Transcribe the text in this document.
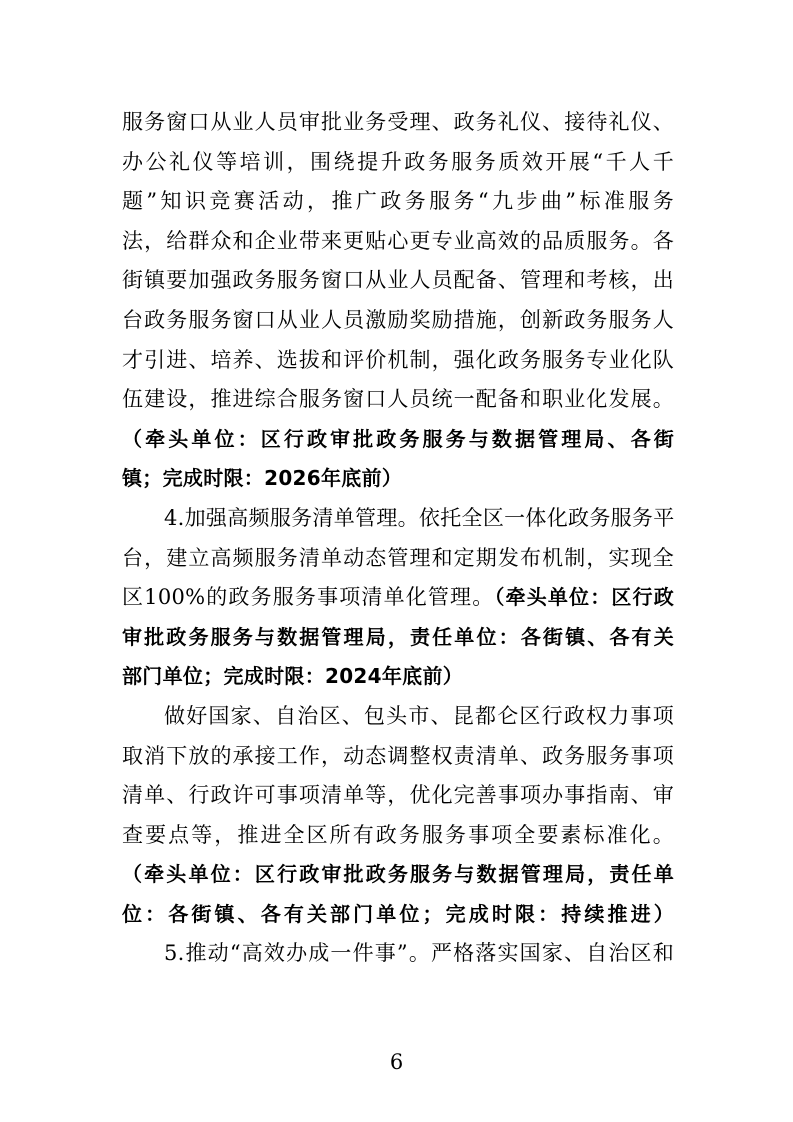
服务窗口从业人员审批业务受理、政务礼仪、接待礼仪、
办公礼仪等培训，围绕提升政务服务质效开展“千人千
题”知识竞赛活动，推广政务服务“九步曲”标准服务
法，给群众和企业带来更贴心更专业高效的品质服务。各
街镇要加强政务服务窗口从业人员配备、管理和考核，出
台政务服务窗口从业人员激励奖励措施，创新政务服务人
才引进、培养、选拔和评价机制，强化政务服务专业化队
伍建设，推进综合服务窗口人员统一配备和职业化发展。
（牵头单位：区行政审批政务服务与数据管理局、各街
镇；完成时限：2026年底前）
4.加强高频服务清单管理。依托全区一体化政务服务平
台，建立高频服务清单动态管理和定期发布机制，实现全
区100%的政务服务事项清单化管理。（牵头单位：区行政
审批政务服务与数据管理局，责任单位：各街镇、各有关
部门单位；完成时限：2024年底前）
做好国家、自治区、包头市、昆都仑区行政权力事项
取消下放的承接工作，动态调整权责清单、政务服务事项
清单、行政许可事项清单等，优化完善事项办事指南、审
查要点等，推进全区所有政务服务事项全要素标准化。
（牵头单位：区行政审批政务服务与数据管理局，责任单
位：各街镇、各有关部门单位；完成时限：持续推进）
5.推动“高效办成一件事”。严格落实国家、自治区和
6
